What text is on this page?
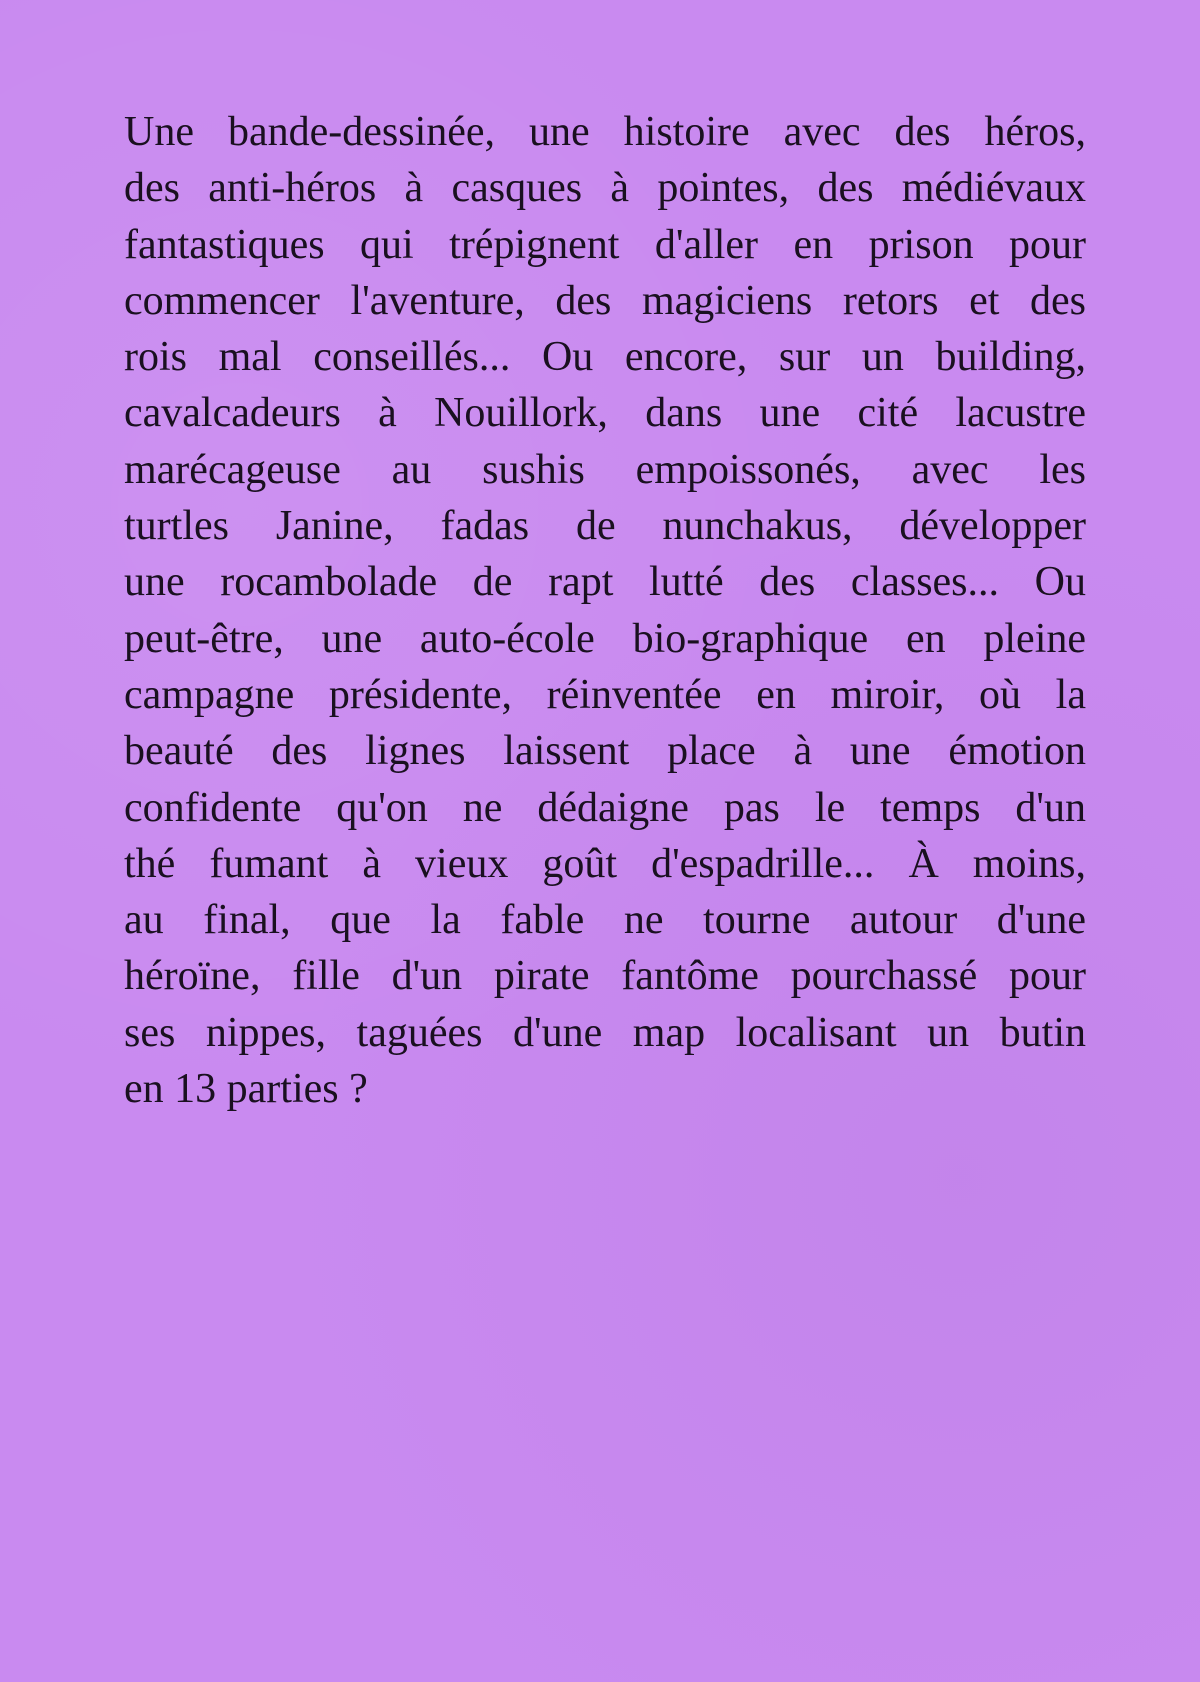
Une bande-dessinée, une histoire avec des héros,
des anti-héros à casques à pointes, des médiévaux
fantastiques qui trépignent d'aller en prison pour
commencer l'aventure, des magiciens retors et des
rois mal conseillés... Ou encore, sur un building,
cavalcadeurs à Nouillork, dans une cité lacustre
marécageuse au sushis empoissonés, avec les
turtles Janine, fadas de nunchakus, développer
une rocambolade de rapt lutté des classes... Ou
peut-être, une auto-école bio-graphique en pleine
campagne présidente, réinventée en miroir, où la
beauté des lignes laissent place à une émotion
confidente qu'on ne dédaigne pas le temps d'un
thé fumant à vieux goût d'espadrille... À moins,
au final, que la fable ne tourne autour d'une
héroïne, fille d'un pirate fantôme pourchassé pour
ses nippes, taguées d'une map localisant un butin
en 13 parties ?
